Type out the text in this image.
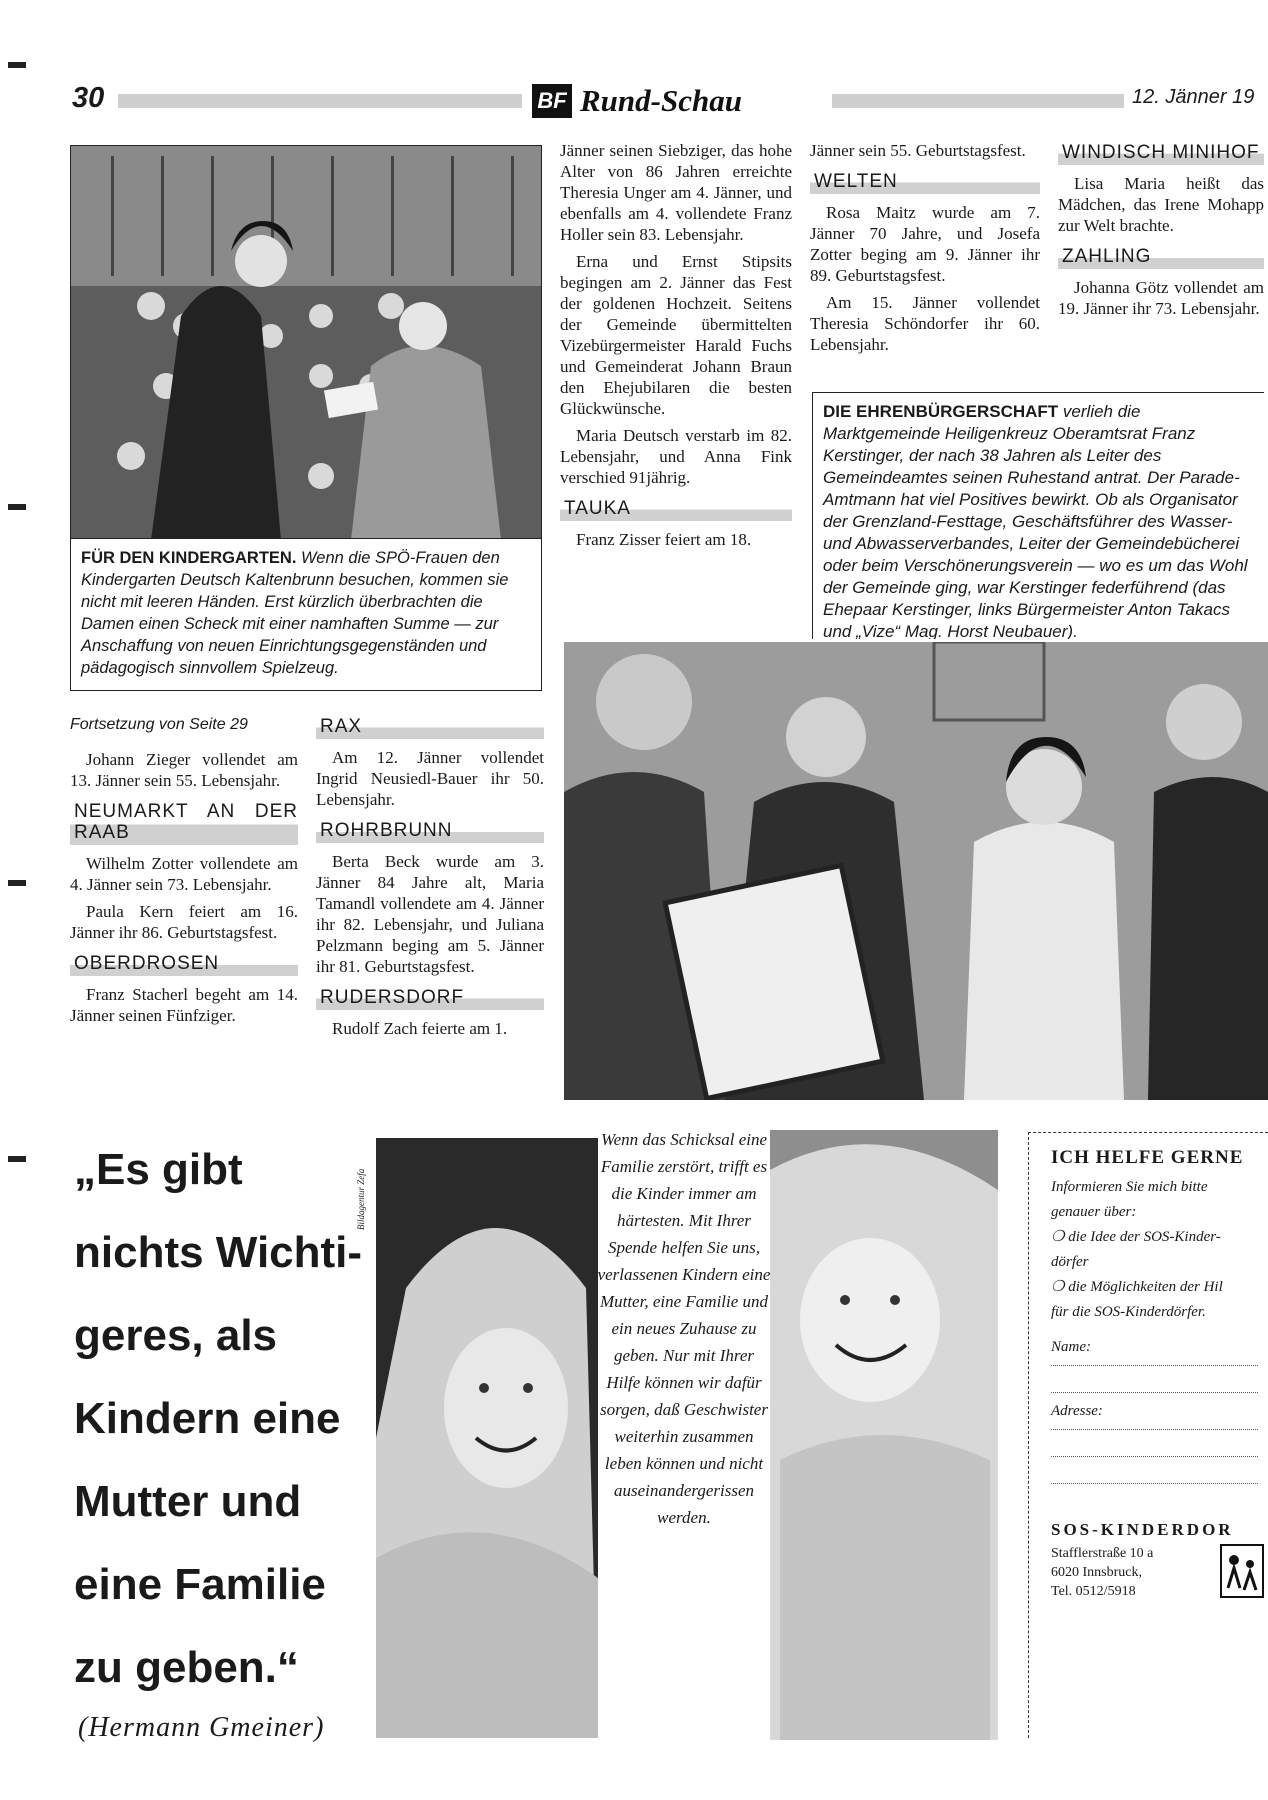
30	BF Rund-Schau	12. Jänner 19
FÜR DEN KINDERGARTEN. Wenn die SPÖ-Frauen den Kindergarten Deutsch Kaltenbrunn besuchen, kommen sie nicht mit leeren Händen. Erst kürzlich überbrachten die Damen einen Scheck mit einer namhaften Summe — zur Anschaffung von neuen Einrichtungsgegenständen und pädagogisch sinnvollem Spielzeug.

Jänner seinen Siebziger, das hohe Alter von 86 Jahren erreichte Theresia Unger am 4. Jänner, und ebenfalls am 4. vollendete Franz Holler sein 83. Lebensjahr.

Erna und Ernst Stipsits begingen am 2. Jänner das Fest der goldenen Hochzeit. Seitens der Gemeinde übermittelten Vizebürgermeister Harald Fuchs und Gemeinderat Johann Braun den Ehejubilaren die besten Glückwünsche.

Maria Deutsch verstarb im 82. Lebensjahr, und Anna Fink verschied 91jährig.

TAUKA

Franz Zisser feiert am 18.

Jänner sein 55. Geburtstagsfest.

WELTEN

Rosa Maitz wurde am 7. Jänner 70 Jahre, und Josefa Zotter beging am 9. Jänner ihr 89. Geburtstagsfest.

Am 15. Jänner vollendet Theresia Schöndorfer ihr 60. Lebensjahr.

WINDISCH MINIHOF

Lisa Maria heißt das Mädchen, das Irene Mohapp zur Welt brachte.

ZAHLING

Johanna Götz vollendet am 19. Jänner ihr 73. Lebensjahr.

DIE EHRENBÜRGERSCHAFT verlieh die Marktgemeinde Heiligenkreuz Oberamtsrat Franz Kerstinger, der nach 38 Jahren als Leiter des Gemeindeamtes seinen Ruhestand antrat. Der Parade-Amtmann hat viel Positives bewirkt. Ob als Organisator der Grenzland-Festtage, Geschäftsführer des Wasser- und Abwasserverbandes, Leiter der Gemeindebücherei oder beim Verschönerungsverein — wo es um das Wohl der Gemeinde ging, war Kerstinger federführend (das Ehepaar Kerstinger, links Bürgermeister Anton Takacs und „Vize“ Mag. Horst Neubauer).
Fortsetzung von Seite 29

Johann Zieger vollendet am 13. Jänner sein 55. Lebensjahr.

NEUMARKT AN DER RAAB

Wilhelm Zotter vollendete am 4. Jänner sein 73. Lebensjahr.

Paula Kern feiert am 16. Jänner ihr 86. Geburtstagsfest.

OBERDROSEN

Franz Stacherl begeht am 14. Jänner seinen Fünfziger.

RAX

Am 12. Jänner vollendet Ingrid Neusiedl-Bauer ihr 50. Lebensjahr.

ROHRBRUNN

Berta Beck wurde am 3. Jänner 84 Jahre alt, Maria Tamandl vollendete am 4. Jänner ihr 82. Lebensjahr, und Juliana Pelzmann beging am 5. Jänner ihr 81. Geburtstagsfest.

RUDERSDORF

Rudolf Zach feierte am 1.

„Es gibt
nichts Wichti-
geres, als
Kindern eine
Mutter und
eine Familie
zu geben.“
(Hermann Gmeiner)
Bildagentur Zefa
Wenn das Schicksal eine Familie zerstört, trifft es die Kinder immer am härtesten. Mit Ihrer Spende helfen Sie uns, verlassenen Kindern eine Mutter, eine Familie und ein neues Zuhause zu geben. Nur mit Ihrer Hilfe können wir dafür sorgen, daß Geschwister weiterhin zusammen leben können und nicht auseinandergerissen werden.
ICH HELFE GERNE
Informieren Sie mich bitte
genauer über:
❍ die Idee der SOS-Kinder-
dörfer
❍ die Möglichkeiten der Hil
für die SOS-Kinderdörfer.
Name:
Adresse:
SOS-KINDERDOR
Stafflerstraße 10 a
6020 Innsbruck,
Tel. 0512/5918
